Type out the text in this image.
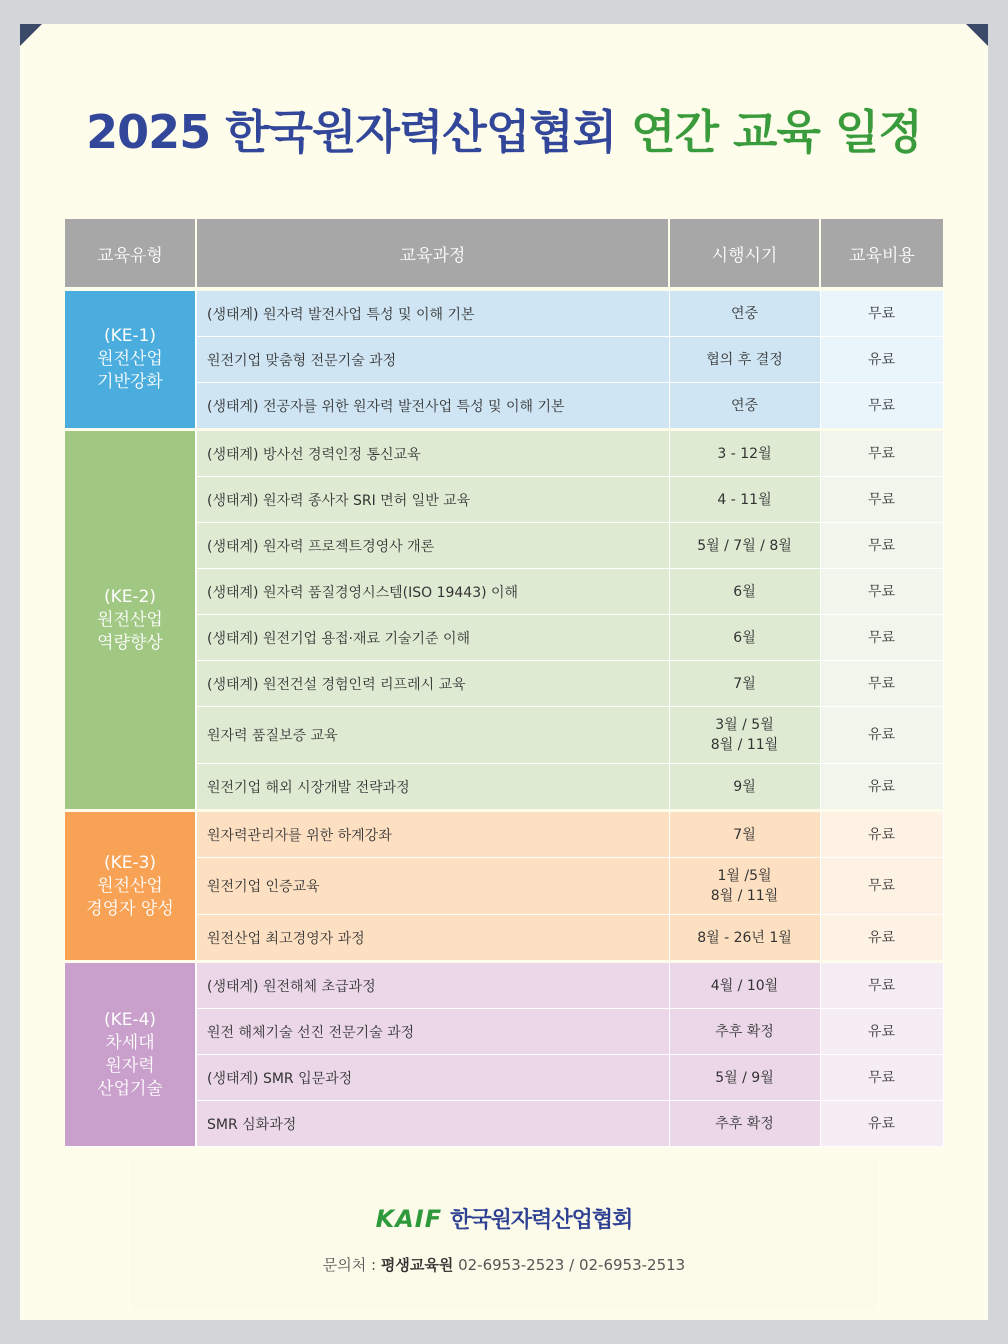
2025 한국원자력산업협회 연간 교육 일정
교육유형	교육과정	시행시기	교육비용

(KE-1)
원전산업
기반강화	(생태계) 원자력 발전사업 특성 및 이해 기본	연중	무료
	원전기업 맞춤형 전문기술 과정	협의 후 결정	유료
	(생태계) 전공자를 위한 원자력 발전사업 특성 및 이해 기본	연중	무료

(KE-2)
원전산업
역량향상	(생태계) 방사선 경력인정 통신교육	3 - 12월	무료
	(생태계) 원자력 종사자 SRI 면허 일반 교육	4 - 11월	무료
	(생태계) 원자력 프로젝트경영사 개론	5월 / 7월 / 8월	무료
	(생태계) 원자력 품질경영시스템(ISO 19443) 이해	6월	무료
	(생태계) 원전기업 용접·재료 기술기준 이해	6월	무료
	(생태계) 원전건설 경험인력 리프레시 교육	7월	무료
	원자력 품질보증 교육	3월 / 5월
8월 / 11월	유료
	원전기업 해외 시장개발 전략과정	9월	유료

(KE-3)
원전산업
경영자 양성	원자력관리자를 위한 하계강좌	7월	유료
	원전기업 인증교육	1월 /5월
8월 / 11월	무료
	원전산업 최고경영자 과정	8월 - 26년 1월	유료

(KE-4)
차세대
원자력
산업기술	(생태계) 원전해체 초급과정	4월 / 10월	무료
	원전 해체기술 선진 전문기술 과정	추후 확정	유료
	(생태계) SMR 입문과정	5월 / 9월	무료
	SMR 심화과정	추후 확정	유료
KAIF 한국원자력산업협회
문의처 : 평생교육원 02-6953-2523 / 02-6953-2513
